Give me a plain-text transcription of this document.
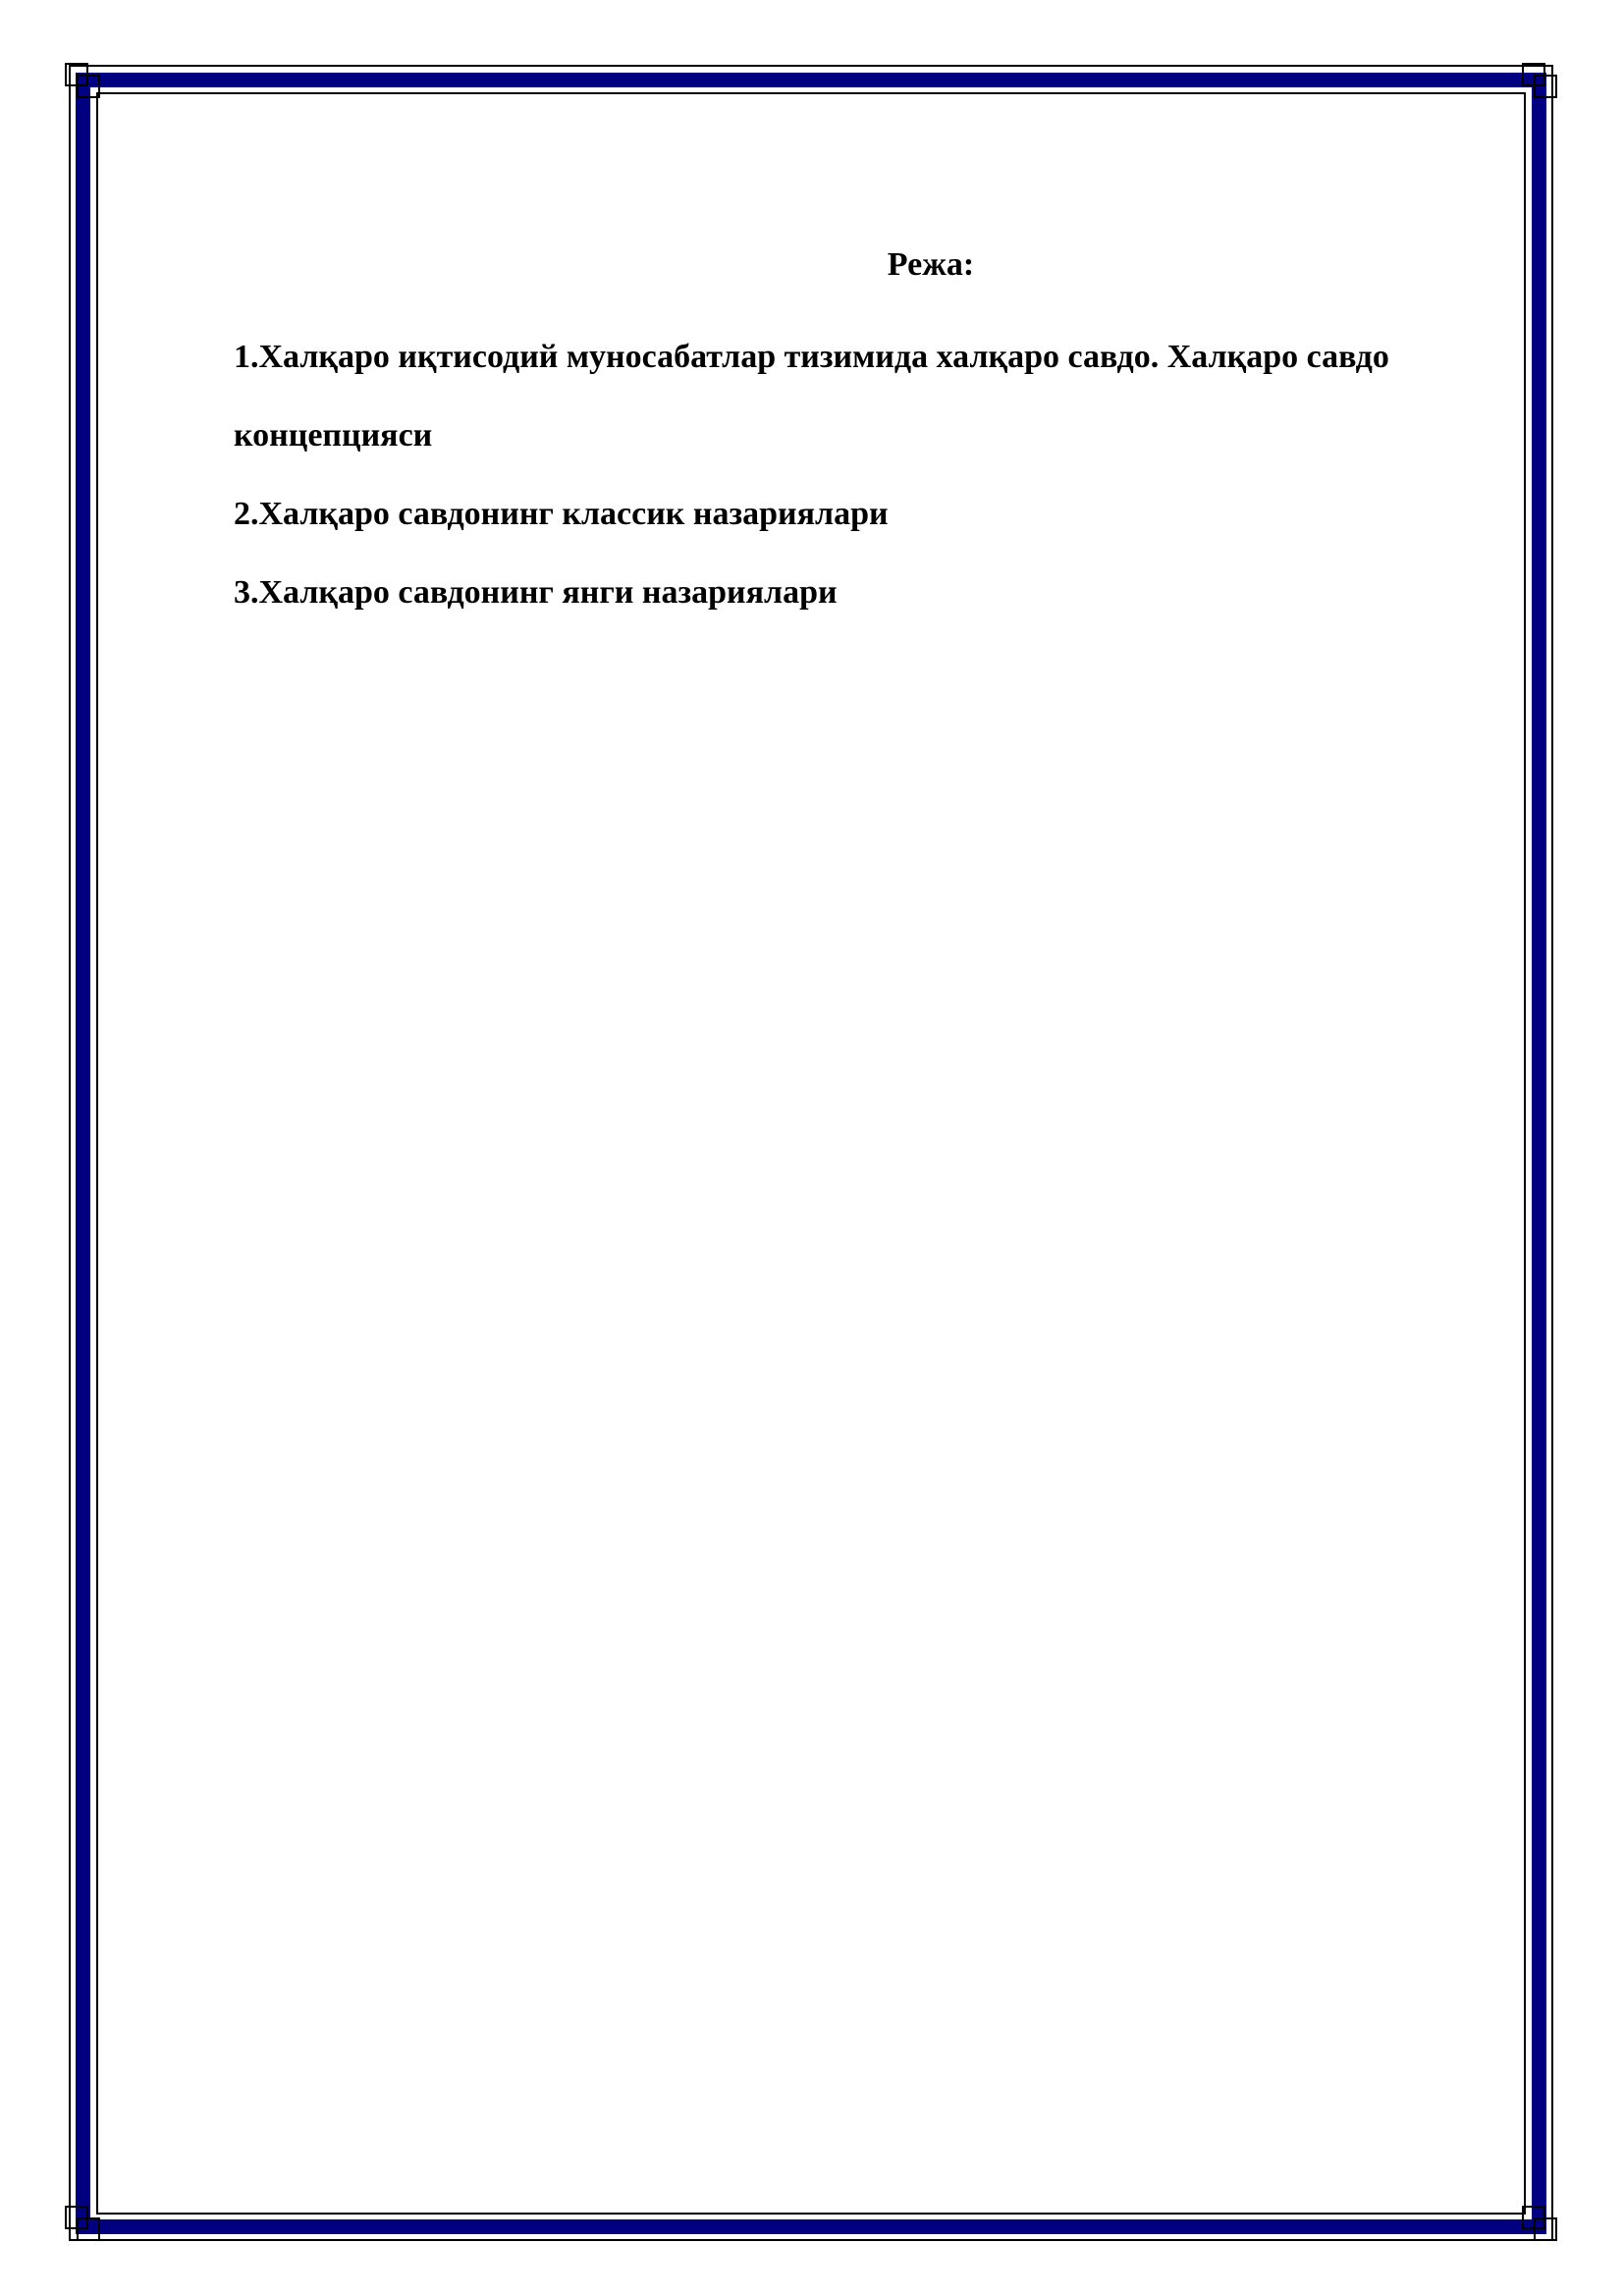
Режа:

1.Халқаро иқтисодий муносабатлар тизимида халқаро савдо. Халқаро савдо концепцияси

2.Халқаро савдонинг классик назариялари

3.Халқаро савдонинг янги назариялари
